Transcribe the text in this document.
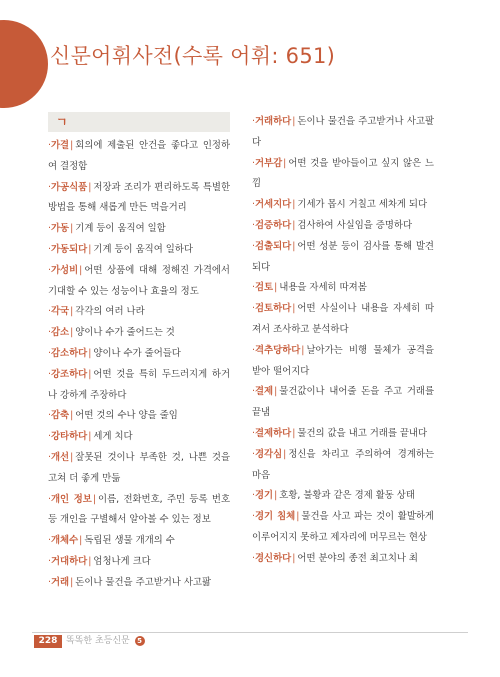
신문어휘사전(수록 어휘: 651)
ㄱ
·가결| 회의에 제출된 안건을 좋다고 인정하여 결정함
·가공식품| 저장과 조리가 편리하도록 특별한 방법을 통해 새롭게 만든 먹을거리
·가동| 기계 등이 움직여 일함
·가동되다| 기계 등이 움직여 일하다
·가성비| 어떤 상품에 대해 정해진 가격에서 기대할 수 있는 성능이나 효율의 정도
·각국| 각각의 여러 나라
·감소| 양이나 수가 줄어드는 것
·감소하다| 양이나 수가 줄어들다
·강조하다| 어떤 것을 특히 두드러지게 하거나 강하게 주장하다
·감축| 어떤 것의 수나 양을 줄임
·강타하다| 세게 치다
·개선| 잘못된 것이나 부족한 것, 나쁜 것을 고쳐 더 좋게 만듦
·개인 정보| 이름, 전화번호, 주민 등록 번호 등 개인을 구별해서 알아볼 수 있는 정보
·개체수| 독립된 생물 개개의 수
·거대하다| 엄청나게 크다
·거래| 돈이나 물건을 주고받거나 사고팖
·거래하다| 돈이나 물건을 주고받거나 사고팔다
·거부감| 어떤 것을 받아들이고 싶지 않은 느낌
·거세지다| 기세가 몹시 거칠고 세차게 되다
·검증하다| 검사하여 사실임을 증명하다
·검출되다| 어떤 성분 등이 검사를 통해 발견되다
·검토| 내용을 자세히 따져봄
·검토하다| 어떤 사실이나 내용을 자세히 따져서 조사하고 분석하다
·격추당하다| 날아가는 비행 물체가 공격을 받아 떨어지다
·결제| 물건값이나 내어줄 돈을 주고 거래를 끝냄
·결제하다| 물건의 값을 내고 거래를 끝내다
·경각심| 정신을 차리고 주의하여 경계하는 마음
·경기| 호황, 불황과 같은 경제 활동 상태
·경기 침체| 물건을 사고 파는 것이 활발하게 이루어지지 못하고 제자리에 머무르는 현상
·경신하다| 어떤 분야의 종전 최고치나 최
228 똑똑한 초등신문 5
